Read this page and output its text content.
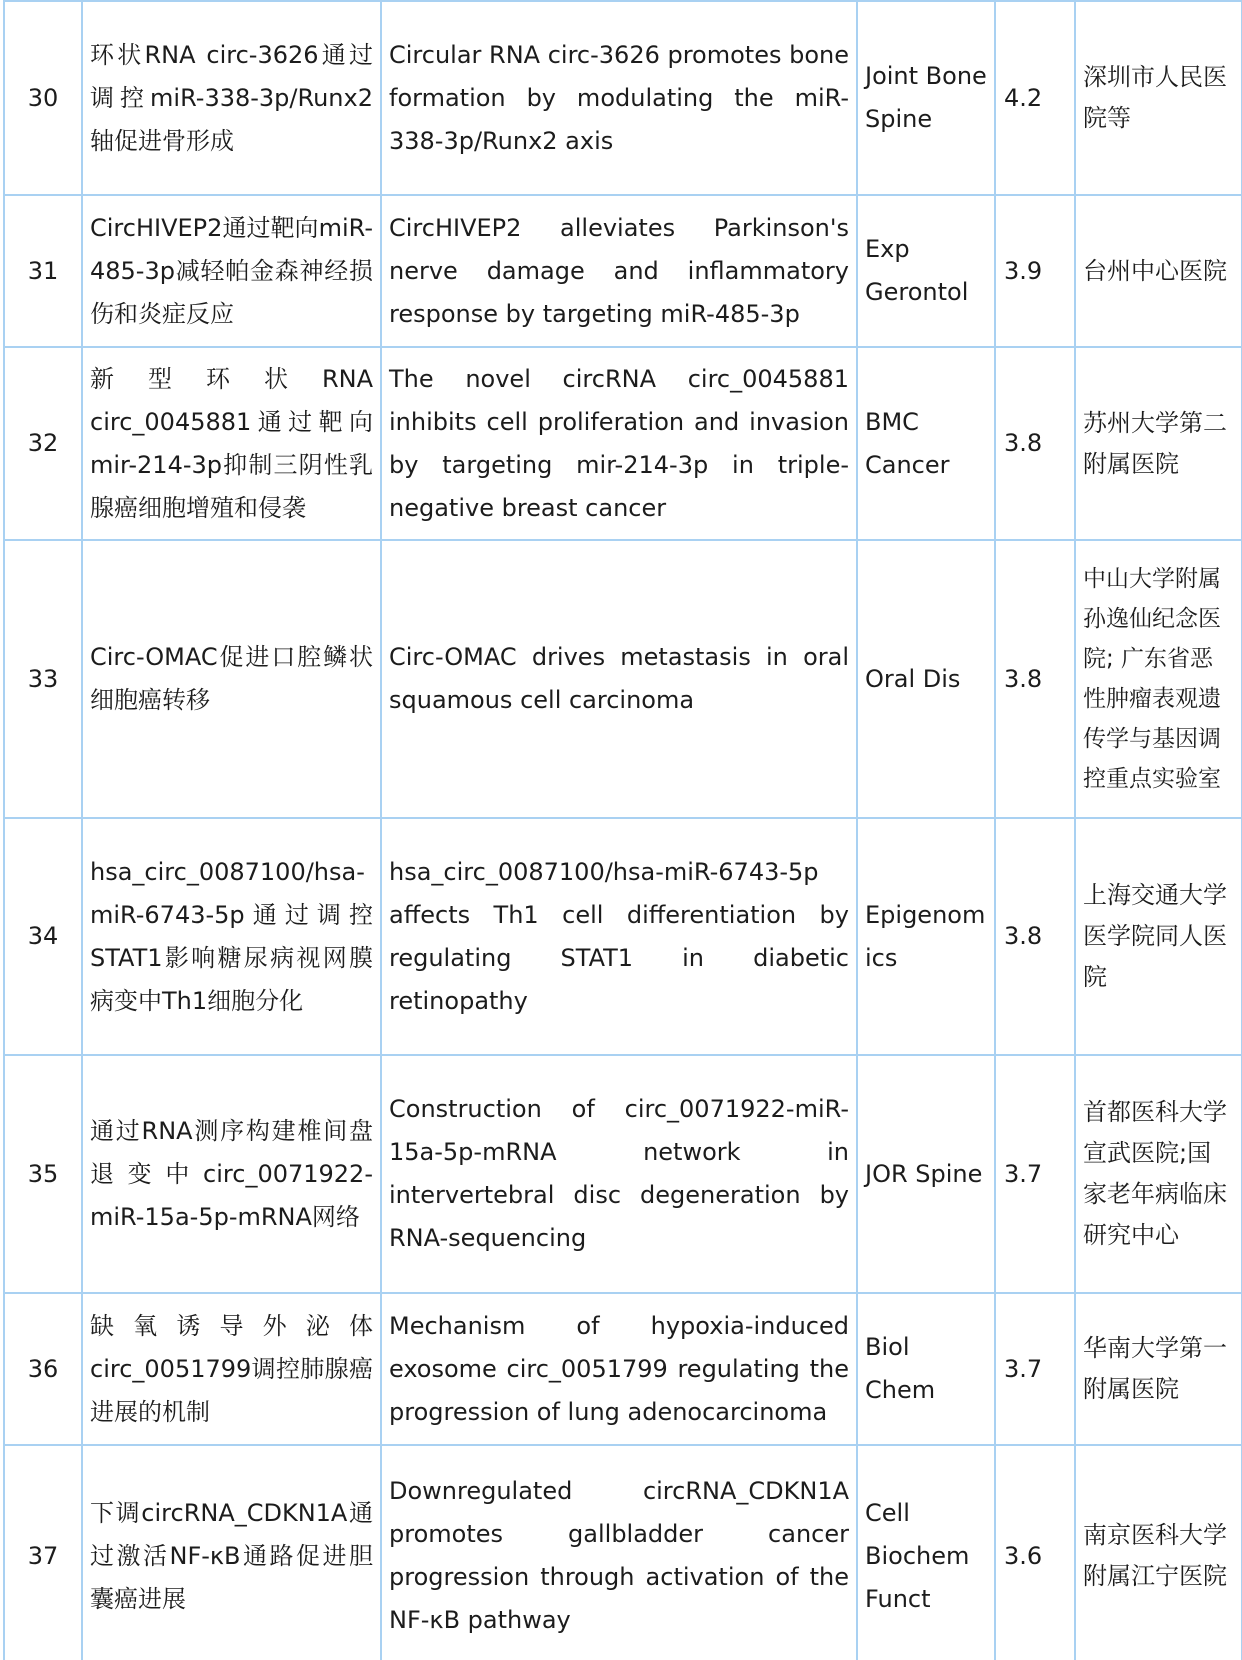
30	环状RNA circ-3626通过调控miR-338-3p/Runx2轴促进骨形成	Circular RNA circ-3626 promotes bone formation by modulating the miR-338-3p/Runx2 axis	Joint Bone Spine	4.2	深圳市人民医院等
31	CircHIVEP2通过靶向miR-485-3p减轻帕金森神经损伤和炎症反应	CircHIVEP2 alleviates Parkinson's nerve damage and inflammatory response by targeting miR-485-3p	Exp Gerontol	3.9	台州中心医院
32	新型环状RNA circ_0045881通过靶向mir-214-3p抑制三阴性乳腺癌细胞增殖和侵袭	The novel circRNA circ_0045881 inhibits cell proliferation and invasion by targeting mir-214-3p in triple-negative breast cancer	BMC Cancer	3.8	苏州大学第二附属医院
33	Circ-OMAC促进口腔鳞状细胞癌转移	Circ-OMAC drives metastasis in oral squamous cell carcinoma	Oral Dis	3.8	中山大学附属孙逸仙纪念医院; 广东省恶性肿瘤表观遗传学与基因调控重点实验室
34	hsa_circ_0087100/hsa-miR-6743-5p通过调控STAT1影响糖尿病视网膜病变中Th1细胞分化	hsa_circ_0087100/hsa-miR-6743-5p affects Th1 cell differentiation by regulating STAT1 in diabetic retinopathy	Epigenomics	3.8	上海交通大学医学院同人医院
35	通过RNA测序构建椎间盘退变中circ_0071922-miR-15a-5p-mRNA网络	Construction of circ_0071922-miR-15a-5p-mRNA network in intervertebral disc degeneration by RNA-sequencing	JOR Spine	3.7	首都医科大学宣武医院;国家老年病临床研究中心
36	缺氧诱导外泌体circ_0051799调控肺腺癌进展的机制	Mechanism of hypoxia-induced exosome circ_0051799 regulating the progression of lung adenocarcinoma	Biol Chem	3.7	华南大学第一附属医院
37	下调circRNA_CDKN1A通过激活NF-κB通路促进胆囊癌进展	Downregulated circRNA_CDKN1A promotes gallbladder cancer progression through activation of the NF-κB pathway	Cell Biochem Funct	3.6	南京医科大学附属江宁医院
